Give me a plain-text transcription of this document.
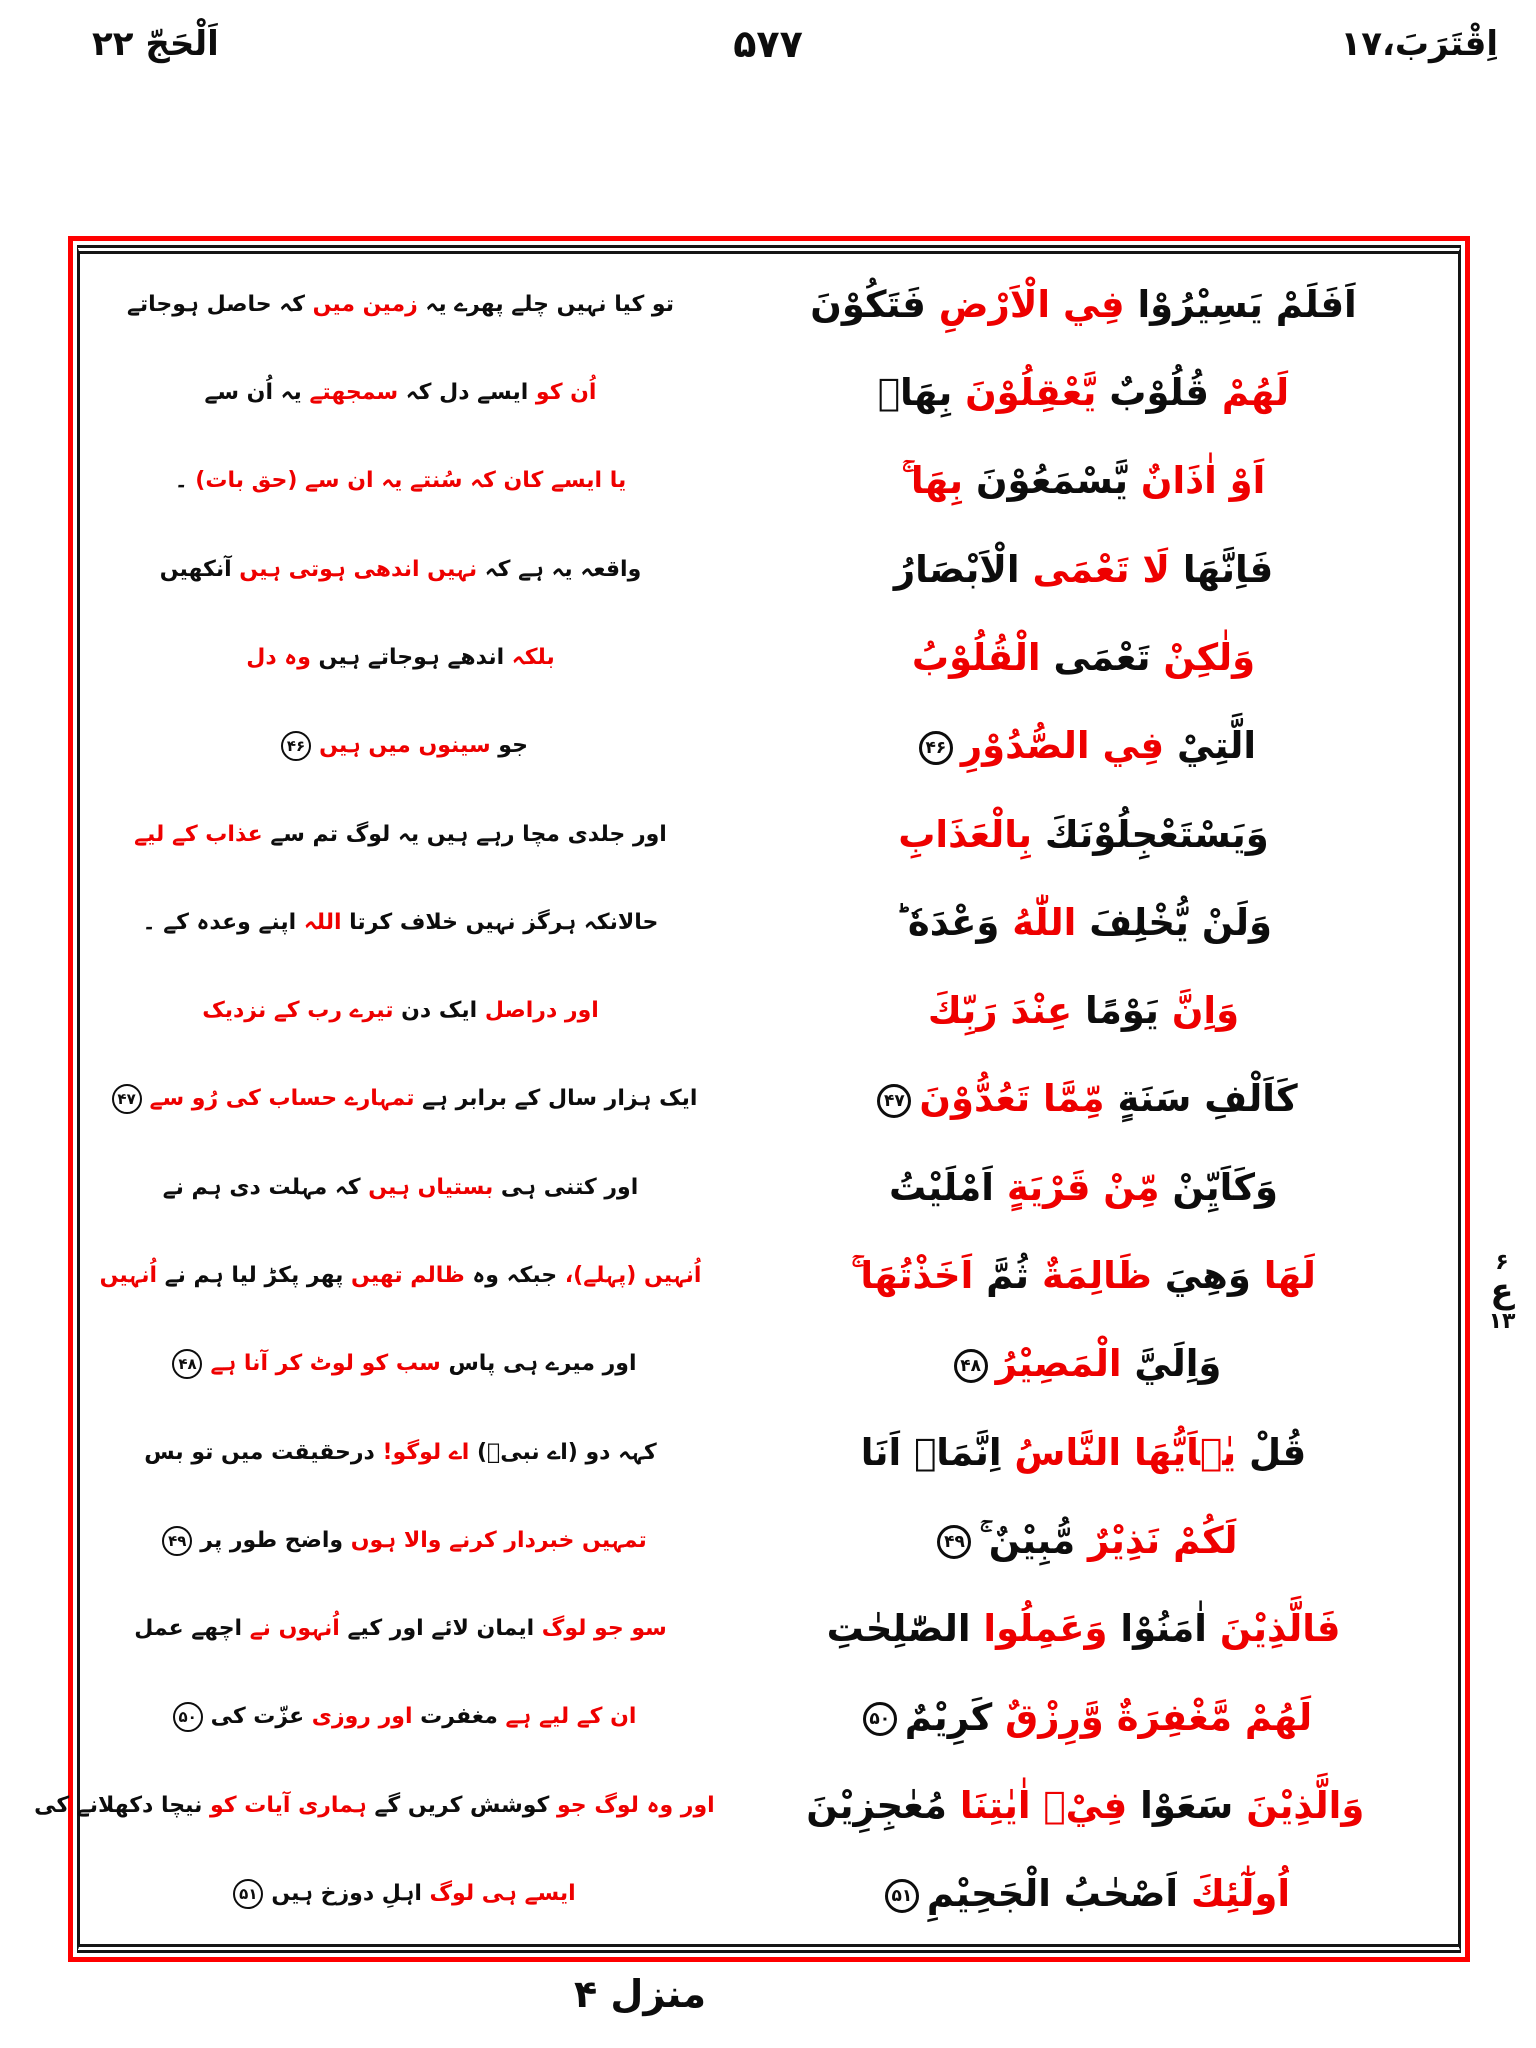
اِقْتَرَبَ،۱۷
۵۷۷
اَلْحَجّ ۲۲
اَفَلَمْ يَسِيْرُوْا فِي الْاَرْضِ فَتَكُوْنَ
تو کیا نہیں چلے پھرے یہ زمین میں کہ حاصل ہوجاتے
لَهُمْ قُلُوْبٌ يَّعْقِلُوْنَ بِهَاۤ
اُن کو ایسے دل کہ سمجھتے یہ اُن سے
اَوْ اٰذَانٌ يَّسْمَعُوْنَ بِهَا
یا ایسے کان کہ سُنتے یہ ان سے (حق بات) ۔
فَاِنَّهَا لَا تَعْمَى الْاَبْصَارُ
واقعہ یہ ہے کہ نہیں اندھی ہوتی ہیں آنکھیں
وَلٰكِنْ تَعْمَى الْقُلُوْبُ
بلکہ اندھے ہوجاتے ہیں وہ دل
الَّتِيْ فِي الصُّدُوْرِ۴۶
جو سینوں میں ہیں۴۶
وَيَسْتَعْجِلُوْنَكَ بِالْعَذَابِ
اور جلدی مچا رہے ہیں یہ لوگ تم سے عذاب کے لیے
وَلَنْ يُّخْلِفَ اللّٰهُ وَعْدَهٗ ؕ
حالانکہ ہرگز نہیں خلاف کرتا اللہ اپنے وعدہ کے ۔
وَاِنَّ يَوْمًا عِنْدَ رَبِّكَ
اور دراصل ایک دن تیرے رب کے نزدیک
كَاَلْفِ سَنَةٍ مِّمَّا تَعُدُّوْنَ۴۷
ایک ہزار سال کے برابر ہے تمہارے حساب کی رُو سے۴۷
وَكَاَيِّنْ مِّنْ قَرْيَةٍ اَمْلَيْتُ
اور کتنی ہی بستیاں ہیں کہ مہلت دی ہم نے
لَهَا وَهِيَ ظَالِمَةٌ ثُمَّ اَخَذْتُهَا
اُنہیں (پہلے)، جبکہ وہ ظالم تھیں پھر پکڑ لیا ہم نے اُنہیں
وَاِلَيَّ الْمَصِيْرُ۴۸
اور میرے ہی پاس سب کو لوٹ کر آنا ہے۴۸
قُلْ يٰۤاَيُّهَا النَّاسُ اِنَّمَاۤ اَنَا
کہہ دو (اے نبیؐ) اے لوگو! درحقیقت میں تو بس
لَكُمْ نَذِيْرٌ مُّبِيْنٌ ۚ۴۹
تمہیں خبردار کرنے والا ہوں واضح طور پر۴۹
فَالَّذِيْنَ اٰمَنُوْا وَعَمِلُوا الصّٰلِحٰتِ
سو جو لوگ ایمان لائے اور کیے اُنہوں نے اچھے عمل
لَهُمْ مَّغْفِرَةٌ وَّرِزْقٌ كَرِيْمٌ۵۰
ان کے لیے ہے مغفرت اور روزی عزّت کی۵۰
وَالَّذِيْنَ سَعَوْا فِيْۤ اٰيٰتِنَا مُعٰجِزِيْنَ
اور وہ لوگ جو کوشش کریں گے ہماری آیات کو نیچا دکھلانے کی
اُولٰٓئِكَ اَصْحٰبُ الْجَحِيْمِ۵۱
ایسے ہی لوگ اہلِ دوزخ ہیں۵۱
۶
ع
۱۳
منزل ۴
